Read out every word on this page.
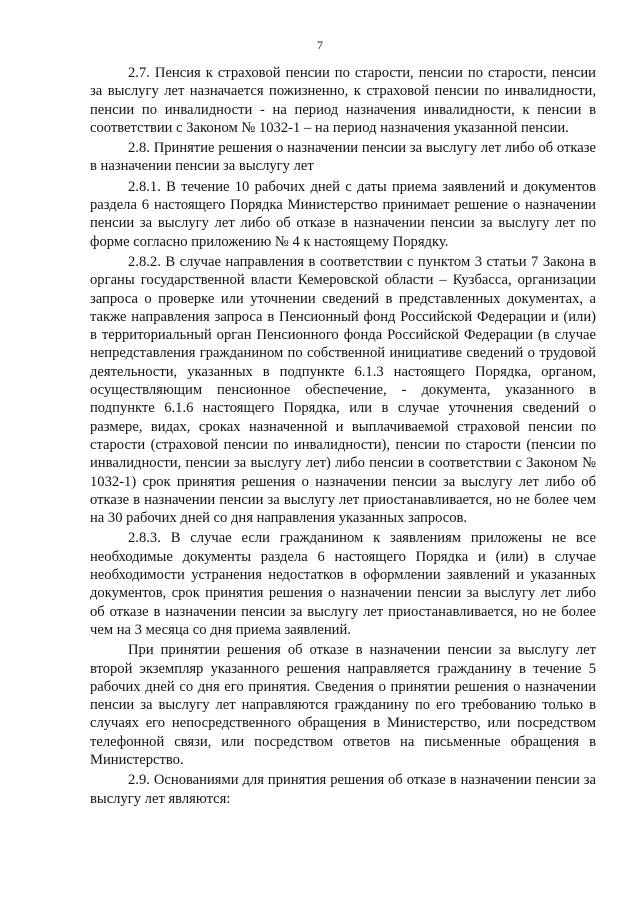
7

2.7. Пенсия к страховой пенсии по старости, пенсии по старости, пенсии за выслугу лет назначается пожизненно, к страховой пенсии по инвалидности, пенсии по инвалидности - на период назначения инвалидности, к пенсии в соответствии с Законом № 1032-1 – на период назначения указанной пенсии.

2.8. Принятие решения о назначении пенсии за выслугу лет либо об отказе в назначении пенсии за выслугу лет

2.8.1. В течение 10 рабочих дней с даты приема заявлений и документов раздела 6 настоящего Порядка Министерство принимает решение о назначении пенсии за выслугу лет либо об отказе в назначении пенсии за выслугу лет по форме согласно приложению № 4 к настоящему Порядку.

2.8.2. В случае направления в соответствии с пунктом 3 статьи 7 Закона в органы государственной власти Кемеровской области – Кузбасса, организации запроса о проверке или уточнении сведений в представленных документах, а также направления запроса в Пенсионный фонд Российской Федерации и (или) в территориальный орган Пенсионного фонда Российской Федерации (в случае непредставления гражданином по собственной инициативе сведений о трудовой деятельности, указанных в подпункте 6.1.3 настоящего Порядка, органом, осуществляющим пенсионное обеспечение, - документа, указанного в подпункте 6.1.6 настоящего Порядка, или в случае уточнения сведений о размере, видах, сроках назначенной и выплачиваемой страховой пенсии по старости (страховой пенсии по инвалидности), пенсии по старости (пенсии по инвалидности, пенсии за выслугу лет) либо пенсии в соответствии с Законом № 1032-1) срок принятия решения о назначении пенсии за выслугу лет либо об отказе в назначении пенсии за выслугу лет приостанавливается, но не более чем на 30 рабочих дней со дня направления указанных запросов.

2.8.3. В случае если гражданином к заявлениям приложены не все необходимые документы раздела 6 настоящего Порядка и (или) в случае необходимости устранения недостатков в оформлении заявлений и указанных документов, срок принятия решения о назначении пенсии за выслугу лет либо об отказе в назначении пенсии за выслугу лет приостанавливается, но не более чем на 3 месяца со дня приема заявлений.

При принятии решения об отказе в назначении пенсии за выслугу лет второй экземпляр указанного решения направляется гражданину в течение 5 рабочих дней со дня его принятия. Сведения о принятии решения о назначении пенсии за выслугу лет направляются гражданину по его требованию только в случаях его непосредственного обращения в Министерство, или посредством телефонной связи, или посредством ответов на письменные обращения в Министерство.

2.9. Основаниями для принятия решения об отказе в назначении пенсии за выслугу лет являются:
